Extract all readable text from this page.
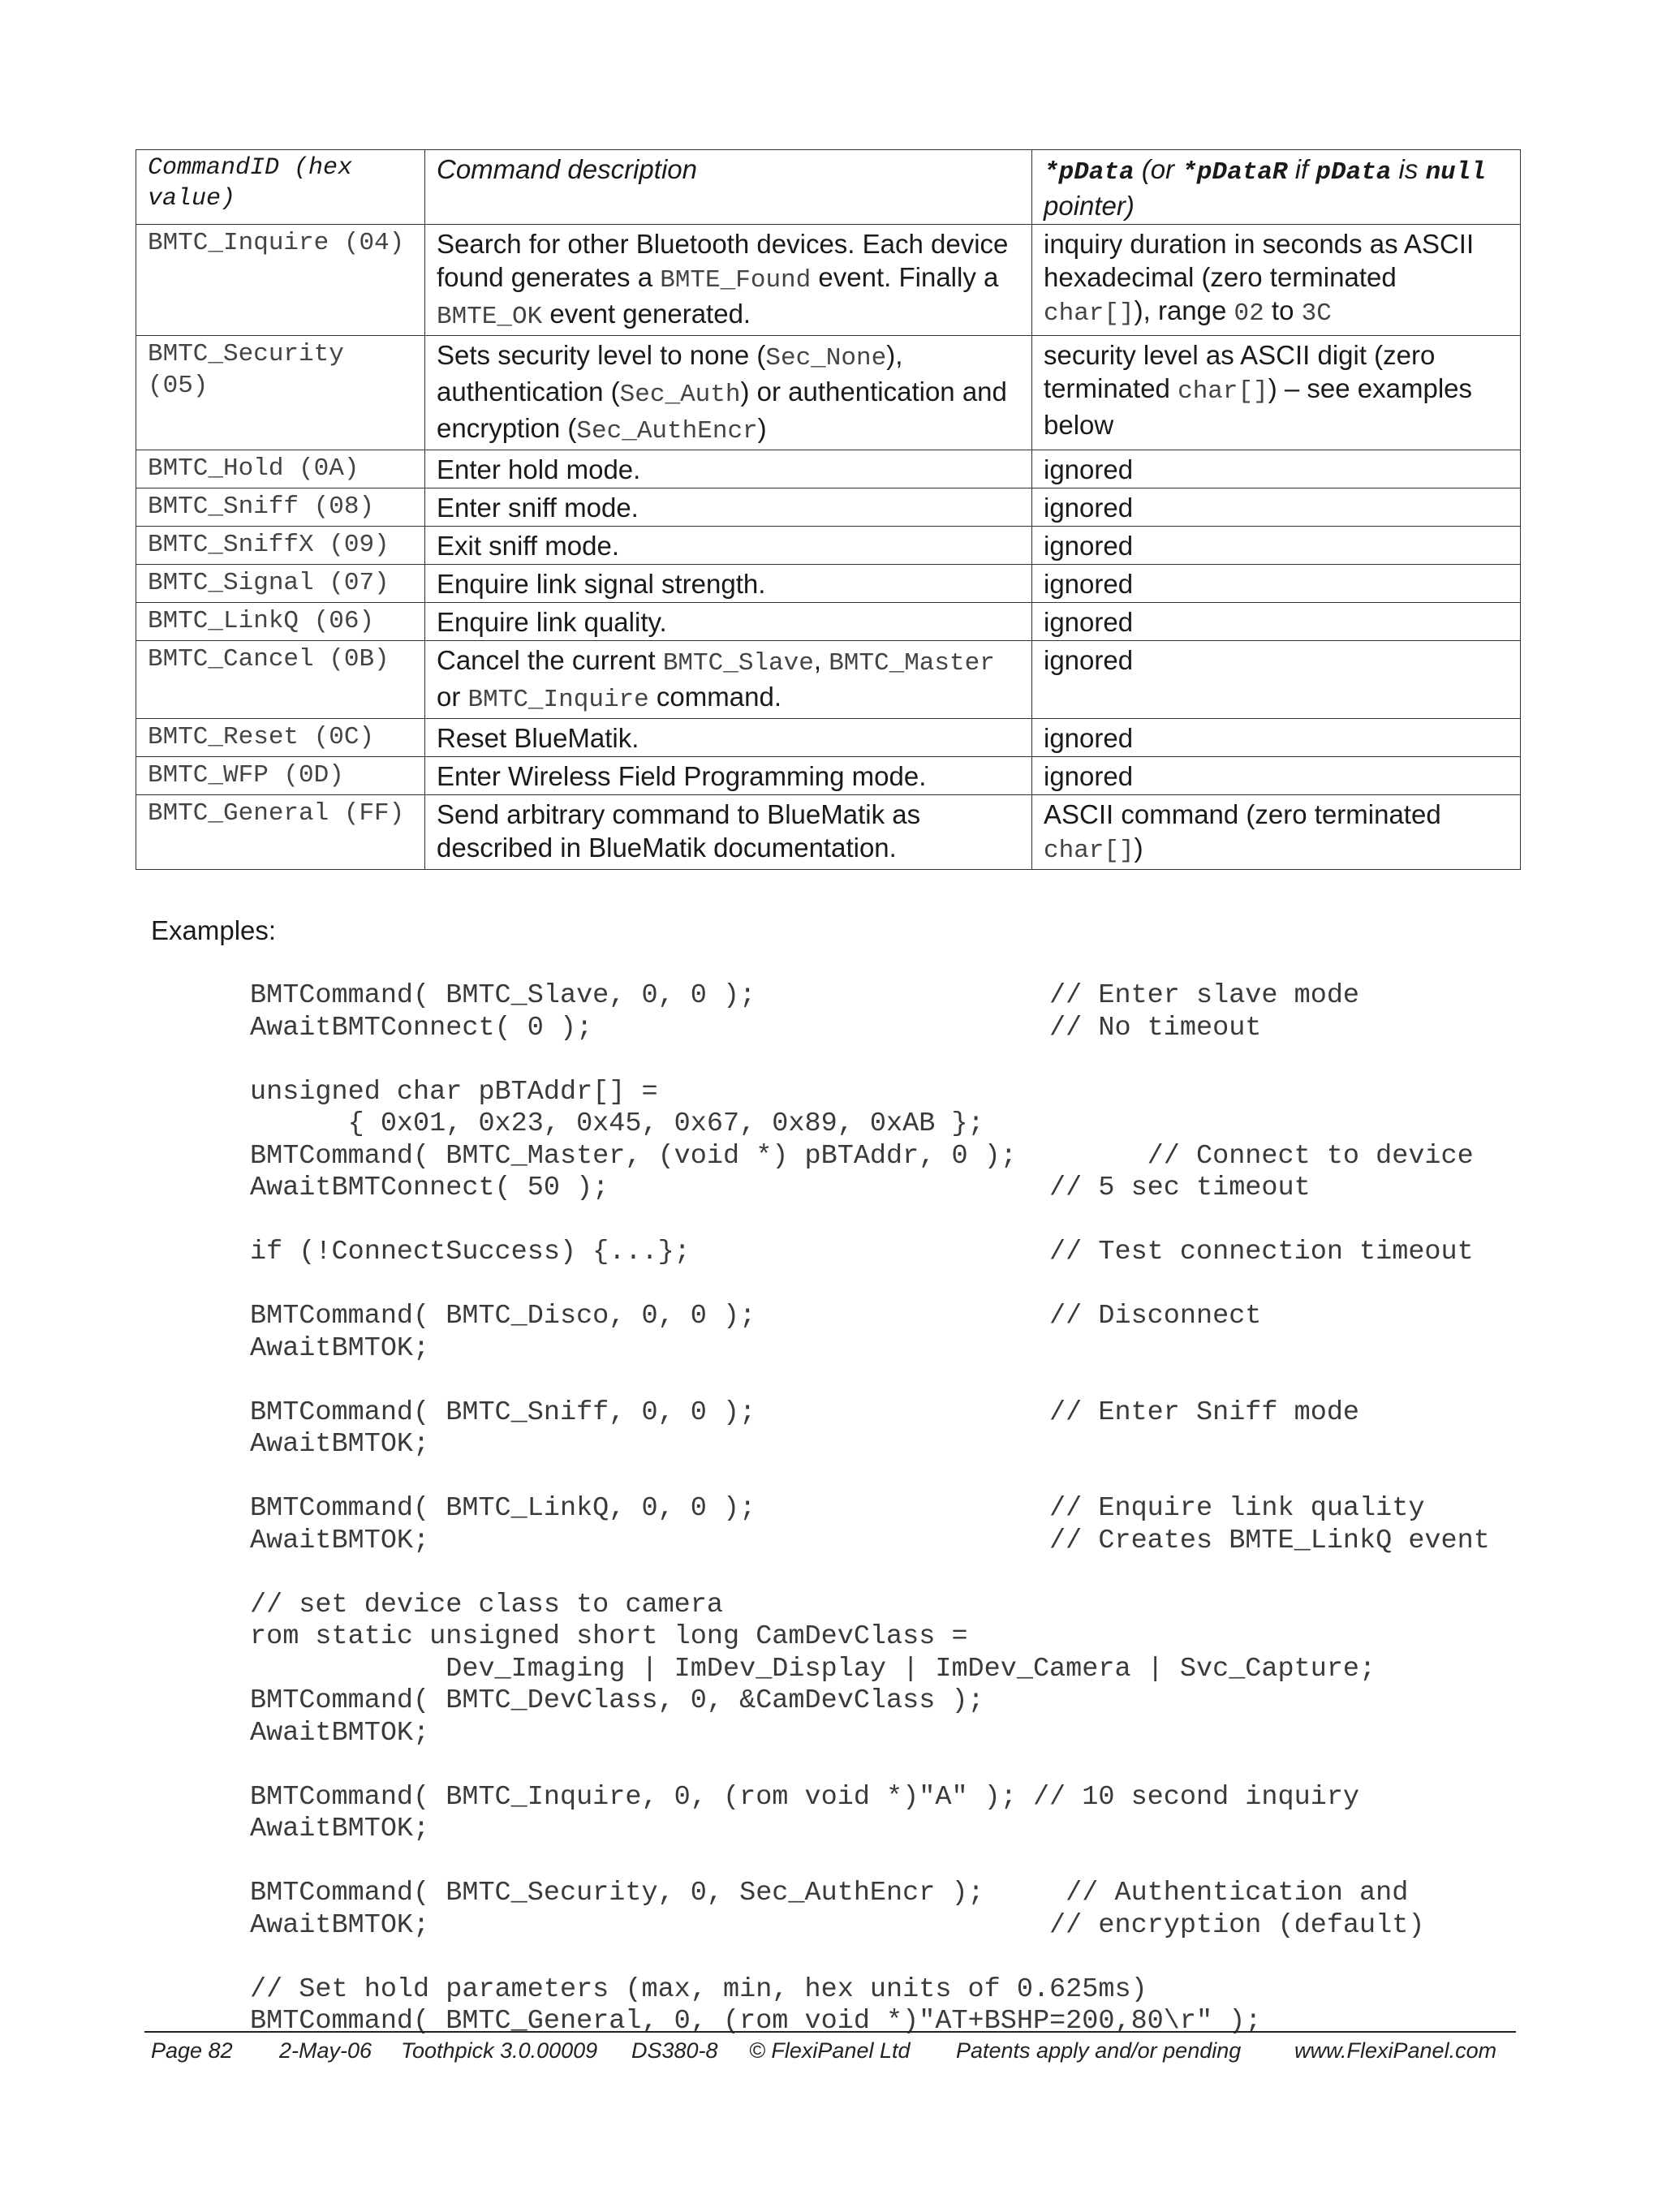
CommandID (hex value)	Command description	*pData (or *pDataR if pData is null pointer)
BMTC_Inquire (04)	Search for other Bluetooth devices. Each device found generates a BMTE_Found event. Finally a BMTE_OK event generated.	inquiry duration in seconds as ASCII hexadecimal (zero terminated char[]), range 02 to 3C
BMTC_Security (05)	Sets security level to none (Sec_None), authentication (Sec_Auth) or authentication and encryption (Sec_AuthEncr)	security level as ASCII digit (zero terminated char[]) – see examples below
BMTC_Hold (0A)	Enter hold mode.	ignored
BMTC_Sniff (08)	Enter sniff mode.	ignored
BMTC_SniffX (09)	Exit sniff mode.	ignored
BMTC_Signal (07)	Enquire link signal strength.	ignored
BMTC_LinkQ (06)	Enquire link quality.	ignored
BMTC_Cancel (0B)	Cancel the current BMTC_Slave, BMTC_Master or BMTC_Inquire command.	ignored
BMTC_Reset (0C)	Reset BlueMatik.	ignored
BMTC_WFP (0D)	Enter Wireless Field Programming mode.	ignored
BMTC_General (FF)	Send arbitrary command to BlueMatik as described in BlueMatik documentation.	ASCII command (zero terminated char[])
Examples:
BMTCommand( BMTC_Slave, 0, 0 );                  // Enter slave mode
AwaitBMTConnect( 0 );                            // No timeout
unsigned char pBTAddr[] =
{ 0x01, 0x23, 0x45, 0x67, 0x89, 0xAB };
BMTCommand( BMTC_Master, (void *) pBTAddr, 0 );        // Connect to device
AwaitBMTConnect( 50 );                           // 5 sec timeout
if (!ConnectSuccess) {...};                      // Test connection timeout
BMTCommand( BMTC_Disco, 0, 0 );                  // Disconnect
AwaitBMTOK;
BMTCommand( BMTC_Sniff, 0, 0 );                  // Enter Sniff mode
AwaitBMTOK;
BMTCommand( BMTC_LinkQ, 0, 0 );                  // Enquire link quality
AwaitBMTOK;                                      // Creates BMTE_LinkQ event
// set device class to camera
rom static unsigned short long CamDevClass =
Dev_Imaging | ImDev_Display | ImDev_Camera | Svc_Capture;
BMTCommand( BMTC_DevClass, 0, &CamDevClass );
AwaitBMTOK;
BMTCommand( BMTC_Inquire, 0, (rom void *)"A" ); // 10 second inquiry
AwaitBMTOK;
BMTCommand( BMTC_Security, 0, Sec_AuthEncr );     // Authentication and
AwaitBMTOK;                                      // encryption (default)
// Set hold parameters (max, min, hex units of 0.625ms)
BMTCommand( BMTC_General, 0, (rom void *)"AT+BSHP=200,80\r" );
Page 82 2-May-06 Toothpick 3.0.00009 DS380-8 © FlexiPanel Ltd Patents apply and/or pending www.FlexiPanel.com
